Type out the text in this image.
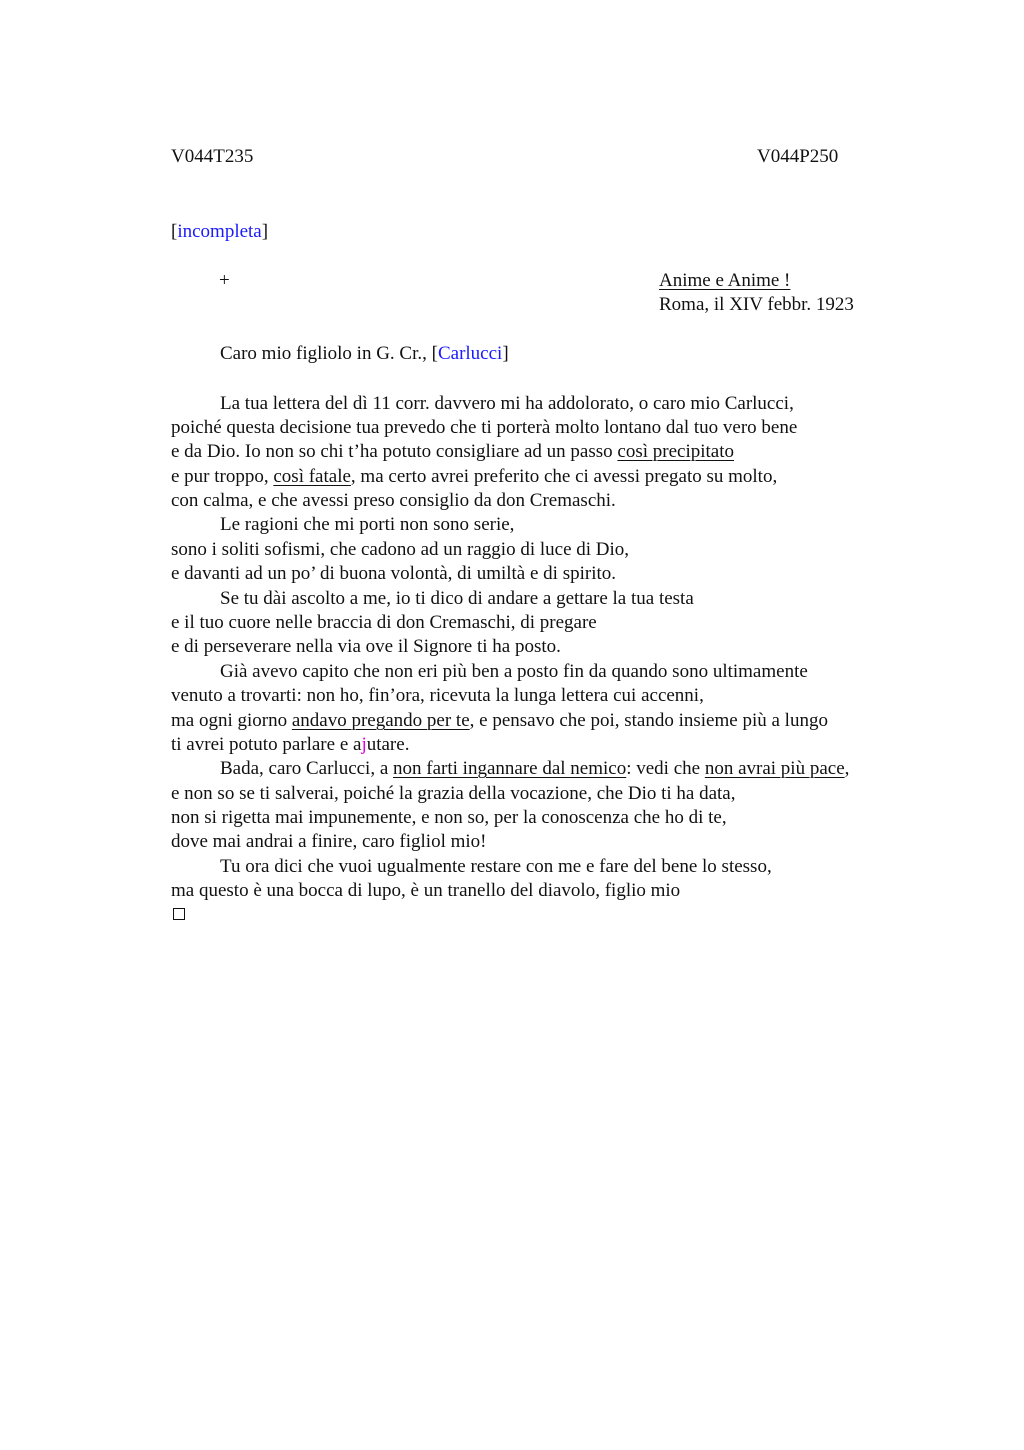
V044T235	V044P250
[incompleta]
+	Anime e Anime !
Roma, il XIV febbr. 1923
Caro mio figliolo in G. Cr., [Carlucci]
La tua lettera del dì 11 corr. davvero mi ha addolorato, o caro mio Carlucci,
poiché questa decisione tua prevedo che ti porterà molto lontano dal tuo vero bene
e da Dio. Io non so chi t’ha potuto consigliare ad un passo così precipitato
e pur troppo, così fatale, ma certo avrei preferito che ci avessi pregato su molto,
con calma, e che avessi preso consiglio da don Cremaschi.
Le ragioni che mi porti non sono serie,
sono i soliti sofismi, che cadono ad un raggio di luce di Dio,
e davanti ad un po’ di buona volontà, di umiltà e di spirito.
Se tu dài ascolto a me, io ti dico di andare a gettare la tua testa
e il tuo cuore nelle braccia di don Cremaschi, di pregare
e di perseverare nella via ove il Signore ti ha posto.
Già avevo capito che non eri più ben a posto fin da quando sono ultimamente
venuto a trovarti: non ho, fin’ora, ricevuta la lunga lettera cui accenni,
ma ogni giorno andavo pregando per te, e pensavo che poi, stando insieme più a lungo
ti avrei potuto parlare e ajutare.
Bada, caro Carlucci, a non farti ingannare dal nemico: vedi che non avrai più pace,
e non so se ti salverai, poiché la grazia della vocazione, che Dio ti ha data,
non si rigetta mai impunemente, e non so, per la conoscenza che ho di te,
dove mai andrai a finire, caro figliol mio!
Tu ora dici che vuoi ugualmente restare con me e fare del bene lo stesso,
ma questo è una bocca di lupo, è un tranello del diavolo, figlio mio
